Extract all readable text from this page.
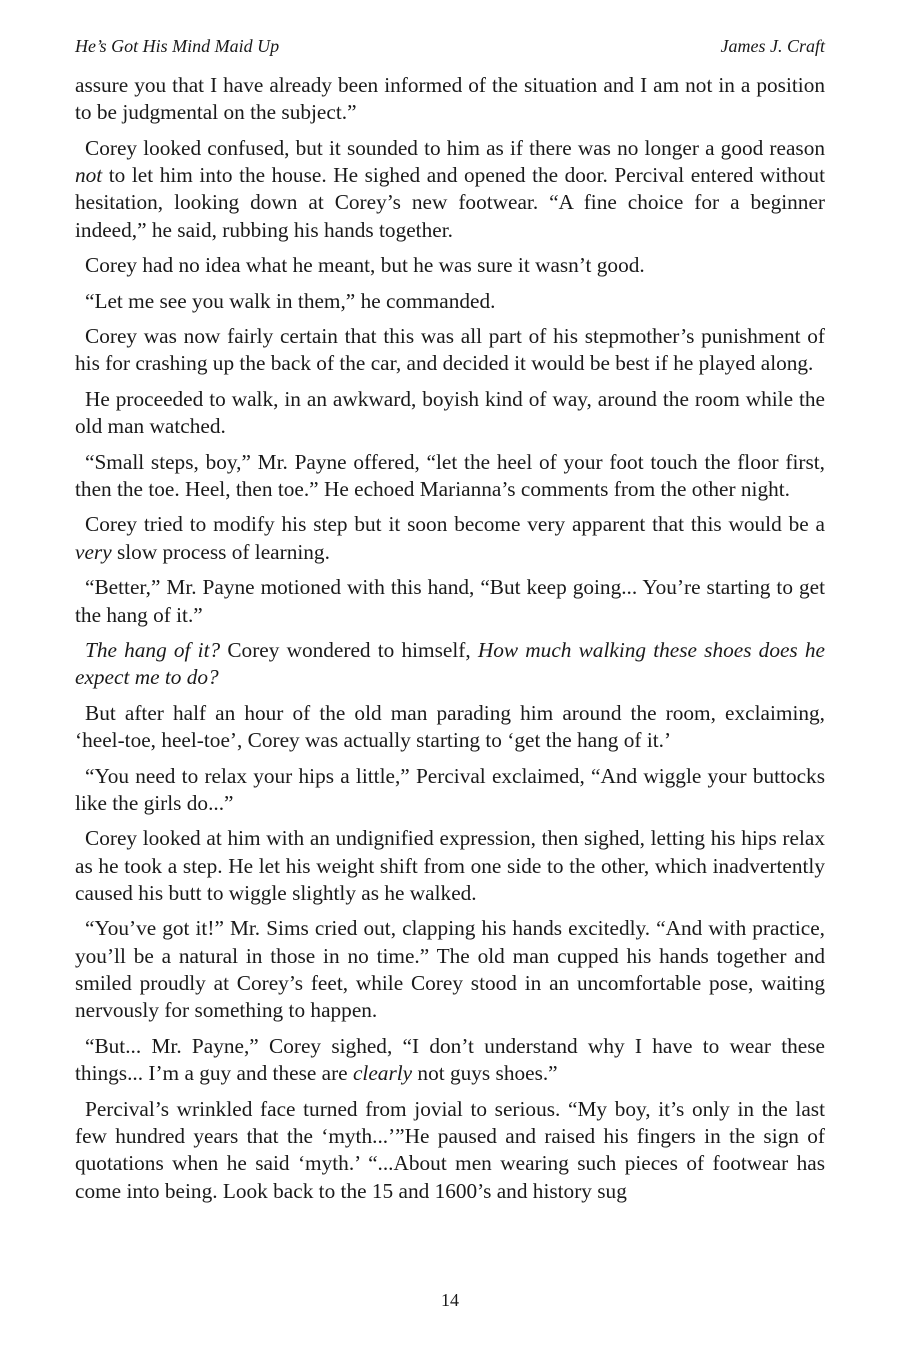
He’s Got His Mind Maid Up	James J. Craft

assure you that I have already been informed of the situation and I am not in a position to be judgmental on the subject.”

Corey looked confused, but it sounded to him as if there was no longer a good reason not to let him into the house. He sighed and opened the door. Percival entered without hesitation, looking down at Corey’s new footwear. “A fine choice for a beginner indeed,” he said, rubbing his hands together.

Corey had no idea what he meant, but he was sure it wasn’t good.

“Let me see you walk in them,” he commanded.

Corey was now fairly certain that this was all part of his stepmother’s punishment of his for crashing up the back of the car, and decided it would be best if he played along.

He proceeded to walk, in an awkward, boyish kind of way, around the room while the old man watched.

“Small steps, boy,” Mr. Payne offered, “let the heel of your foot touch the floor first, then the toe. Heel, then toe.” He echoed Marianna’s comments from the other night.

Corey tried to modify his step but it soon become very apparent that this would be a very slow process of learning.

“Better,” Mr. Payne motioned with this hand, “But keep going... You’re starting to get the hang of it.”

The hang of it? Corey wondered to himself, How much walking these shoes does he expect me to do?

But after half an hour of the old man parading him around the room, exclaiming, ‘heel-toe, heel-toe’, Corey was actually starting to ‘get the hang of it.’

“You need to relax your hips a little,” Percival exclaimed, “And wiggle your buttocks like the girls do...”

Corey looked at him with an undignified expression, then sighed, letting his hips relax as he took a step. He let his weight shift from one side to the other, which inadvertently caused his butt to wiggle slightly as he walked.

“You’ve got it!” Mr. Sims cried out, clapping his hands excitedly. “And with practice, you’ll be a natural in those in no time.” The old man cupped his hands together and smiled proudly at Corey’s feet, while Corey stood in an uncomfortable pose, waiting nervously for something to happen.

“But... Mr. Payne,” Corey sighed, “I don’t understand why I have to wear these things... I’m a guy and these are clearly not guys shoes.”

Percival’s wrinkled face turned from jovial to serious. “My boy, it’s only in the last few hundred years that the ‘myth...’”He paused and raised his fingers in the sign of quotations when he said ‘myth.’ “...About men wearing such pieces of footwear has come into being. Look back to the 15 and 1600’s and history sug

14
